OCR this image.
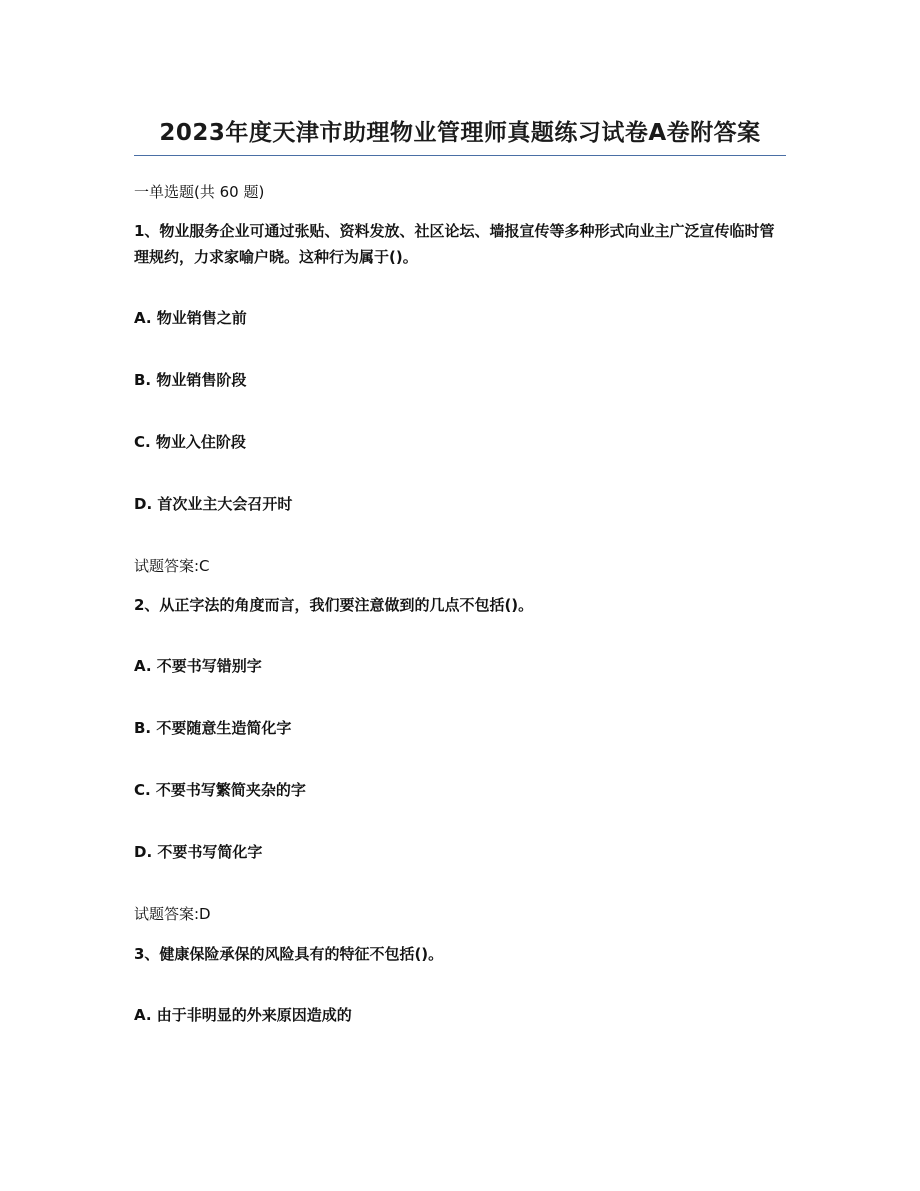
2023年度天津市助理物业管理师真题练习试卷A卷附答案
一单选题(共 60 题)
1、物业服务企业可通过张贴、资料发放、社区论坛、墙报宣传等多种形式向业主广泛宣传临时管理规约，力求家喻户晓。这种行为属于()。
A. 物业销售之前
B. 物业销售阶段
C. 物业入住阶段
D. 首次业主大会召开时
试题答案:C
2、从正字法的角度而言，我们要注意做到的几点不包括()。
A. 不要书写错别字
B. 不要随意生造简化字
C. 不要书写繁简夹杂的字
D. 不要书写简化字
试题答案:D
3、健康保险承保的风险具有的特征不包括()。
A. 由于非明显的外来原因造成的
